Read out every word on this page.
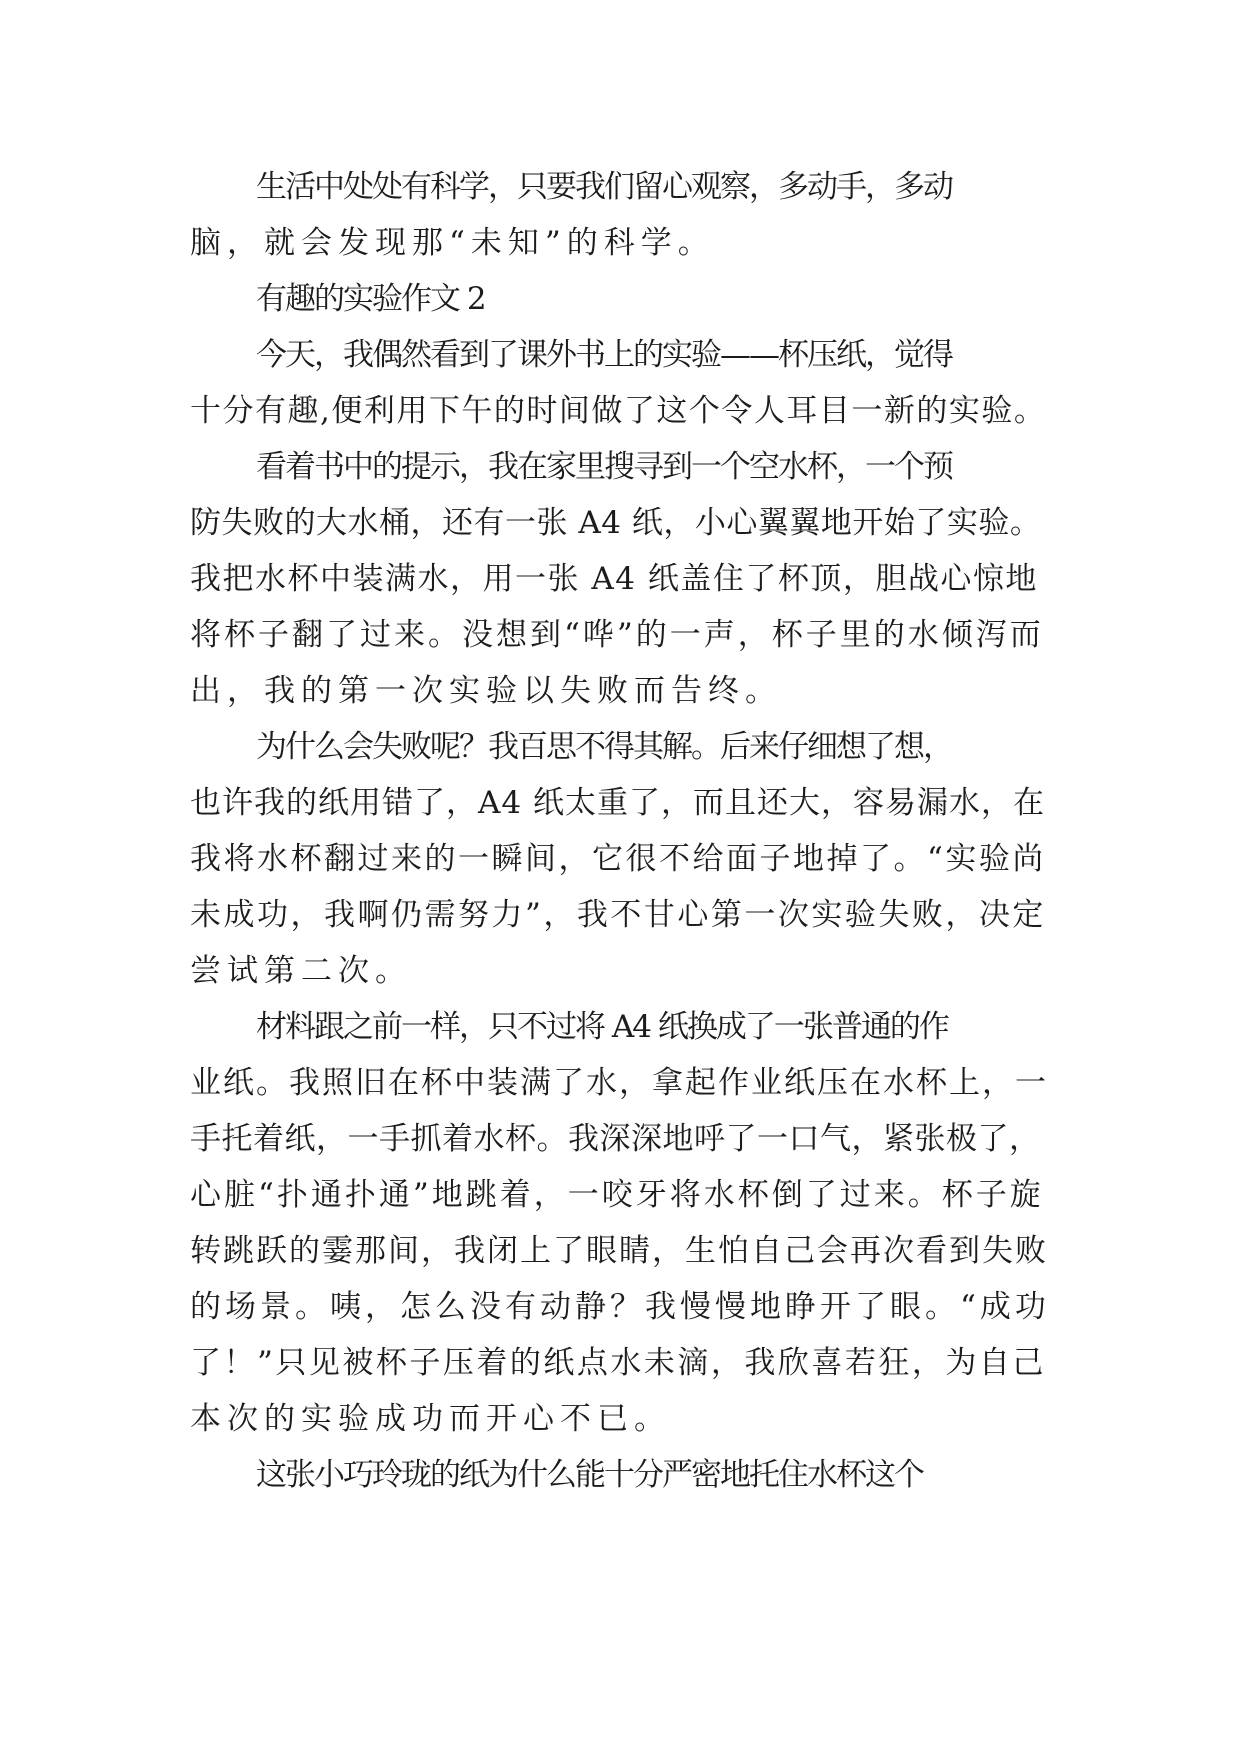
生活中处处有科学，只要我们留心观察，多动手，多动
脑，就会发现那“未知”的科学。

有趣的实验作文 2

今天，我偶然看到了课外书上的实验——杯压纸，觉得
十分有趣,便利用下午的时间做了这个令人耳目一新的实验。

看着书中的提示，我在家里搜寻到一个空水杯，一个预
防失败的大水桶，还有一张 A4 纸，小心翼翼地开始了实验。
我把水杯中装满水，用一张 A4 纸盖住了杯顶，胆战心惊地
将杯子翻了过来。没想到“哗”的一声，杯子里的水倾泻而
出，我的第一次实验以失败而告终。

为什么会失败呢？我百思不得其解。后来仔细想了想，
也许我的纸用错了，A4 纸太重了，而且还大，容易漏水，在
我将水杯翻过来的一瞬间，它很不给面子地掉了。“实验尚
未成功，我啊仍需努力”，我不甘心第一次实验失败，决定
尝试第二次。

材料跟之前一样，只不过将 A4 纸换成了一张普通的作
业纸。我照旧在杯中装满了水，拿起作业纸压在水杯上，一
手托着纸，一手抓着水杯。我深深地呼了一口气，紧张极了，
心脏“扑通扑通”地跳着，一咬牙将水杯倒了过来。杯子旋
转跳跃的霎那间，我闭上了眼睛，生怕自己会再次看到失败
的场景。咦，怎么没有动静？我慢慢地睁开了眼。“成功
了！”只见被杯子压着的纸点水未滴，我欣喜若狂，为自己
本次的实验成功而开心不已。

这张小巧玲珑的纸为什么能十分严密地托住水杯这个
